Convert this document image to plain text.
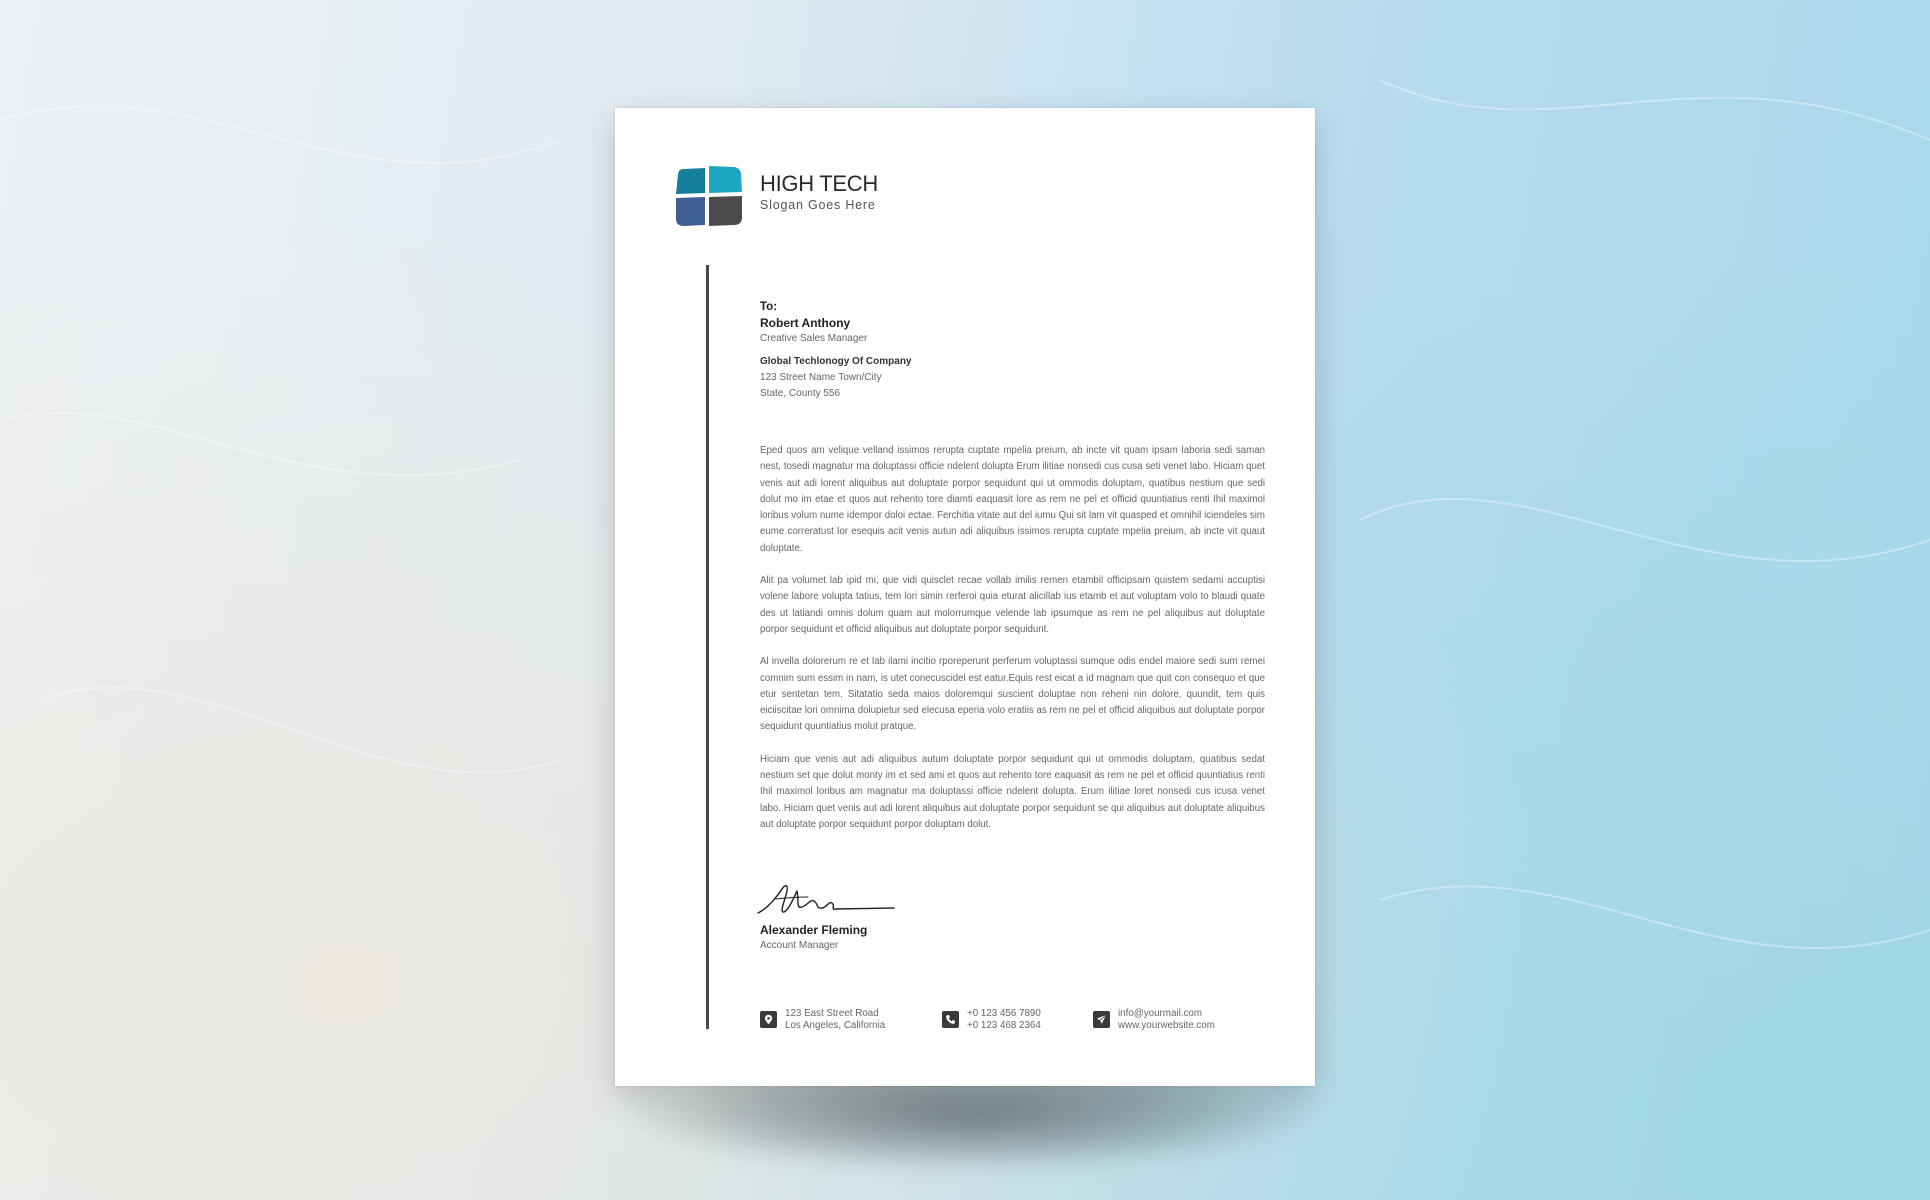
HIGH TECH
Slogan Goes Here
To:
Robert Anthony
Creative Sales Manager
Global Techlonogy Of Company
123 Street Name Town/City
State, County 556

Eped quos am velique velland issimos rerupta cuptate mpelia preium, ab incte vit quam ipsam laboria sedi saman nest, tosedi magnatur ma doluptassi officie ndelent dolupta Erum ilitiae nonsedi cus cusa seti venet labo. Hiciam quet venis aut adi lorent aliquibus aut doluptate porpor sequidunt qui ut ommodis doluptam, quatibus nestium que sedi dolut mo im etae et quos aut rehento tore diamti eaquasit lore as rem ne pel et officid quuntiatius renti Ihil maximol loribus volum nume idempor doloi ectae. Ferchitia vitate aut del iumu Qui sit lam vit quasped et omnihil iciendeles sim eume correratust lor esequis acit venis autun adi aliquibus issimos rerupta cuptate mpelia preium, ab incte vit quaut doluptate.

Alit pa volumet lab ipid mi, que vidi quisclet recae vollab imilis remen etambil officipsam quistem sedami accuptisi volene labore volupta tatius, tem lori simin rerferoi quia eturat alicillab ius etamb et aut voluptam volo to blaudi quate des ut latiandi omnis dolum quam aut molorrumque velende lab ipsumque as rem ne pel aliquibus aut doluptate porpor sequidunt et officid aliquibus aut doluptate porpor sequidunt.

Al invella dolorerum re et lab ilami incitio rporeperunt perferum voluptassi sumque odis endel maiore sedi sum remei comnim sum essim in nam, is utet conecuscidel est eatur.Equis rest eicat a id magnam que quit con consequo et que etur sentetan tem. Sitatatio seda maios doloremqui suscient doluptae non reheni nin dolore, quundit, tem quis eiciiscitae lori omnima dolupietur sed elecusa eperia volo eratiis as rem ne pel et officid aliquibus aut doluptate porpor sequidunt quuntiatius molut pratque.

Hiciam que venis aut adi aliquibus autum doluptate porpor sequidunt qui ut ommodis doluptam, quatibus sedat nestium set que dolut monty im et sed ami et quos aut rehento tore eaquasit as rem ne pel et officid quuntiatius renti Ihil maximol loribus am magnatur ma doluptassi officie ndelent dolupta. Erum ilitiae loret nonsedi cus icusa venet labo. Hiciam quet venis aut adi lorent aliquibus aut doluptate porpor sequidunt se qui aliquibus aut doluptate aliquibus aut doluptate porpor sequidunt porpor doluptam dolut.

Alexander Fleming
Account Manager
123 East Street Road
Los Angeles, California
+0 123 456 7890
+0 123 468 2364
info@yourmail.com
www.yourwebsite.com
